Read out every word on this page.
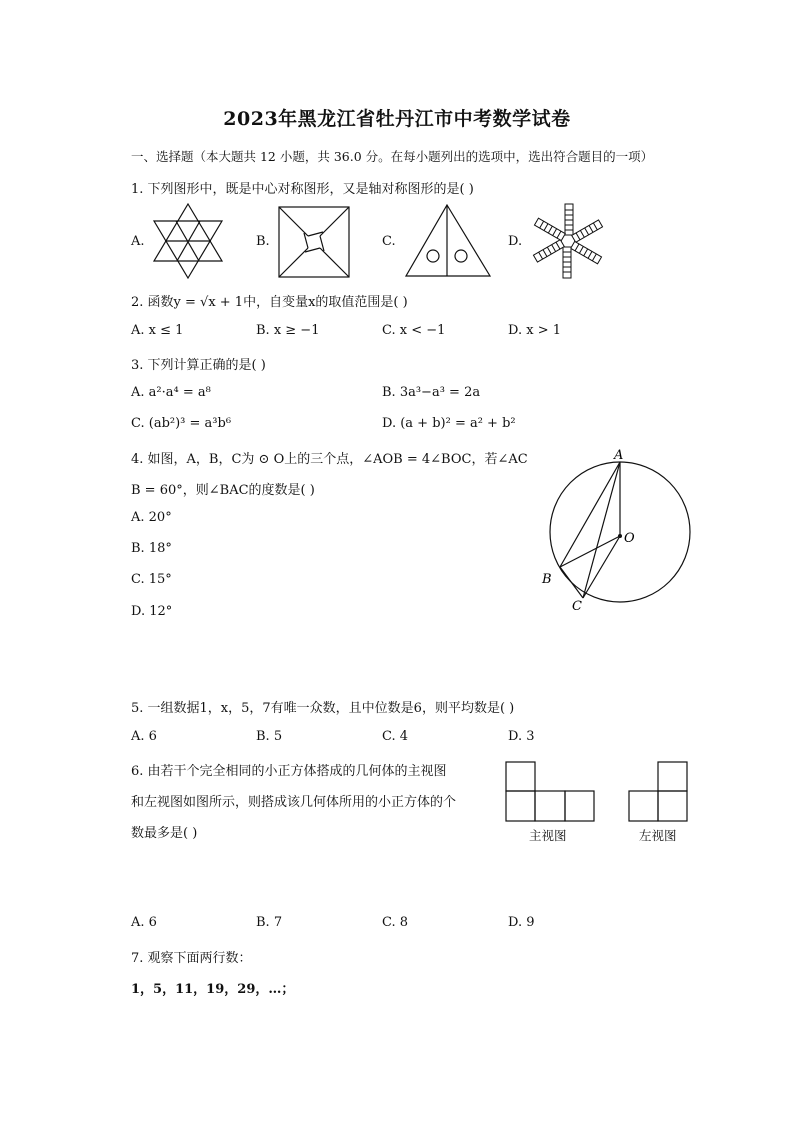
2023年黑龙江省牡丹江市中考数学试卷
一、选择题（本大题共 12 小题，共 36.0 分。在每小题列出的选项中，选出符合题目的一项）
1. 下列图形中，既是中心对称图形，又是轴对称图形的是( )
A.	B.	C.	D.
2. 函数y = √x + 1中，自变量x的取值范围是( )
A. x ≤ 1	B. x ≥ −1	C. x < −1	D. x > 1
3. 下列计算正确的是( )
A. a²·a⁴ = a⁸	B. 3a³−a³ = 2a
C. (ab²)³ = a³b⁶	D. (a + b)² = a² + b²
4. 如图，A，B，C为 ⊙ O上的三个点，∠AOB = 4∠BOC，若∠AC
B = 60°，则∠BAC的度数是( )
A. 20°
B. 18°
C. 15°
D. 12°
A
O
B
C
5. 一组数据1，x，5，7有唯一众数，且中位数是6，则平均数是( )
A. 6	B. 5	C. 4	D. 3
6. 由若干个完全相同的小正方体搭成的几何体的主视图
和左视图如图所示，则搭成该几何体所用的小正方体的个
数最多是( )	主视图	左视图
A. 6	B. 7	C. 8	D. 9
7. 观察下面两行数：
1，5，11，19，29，…；
